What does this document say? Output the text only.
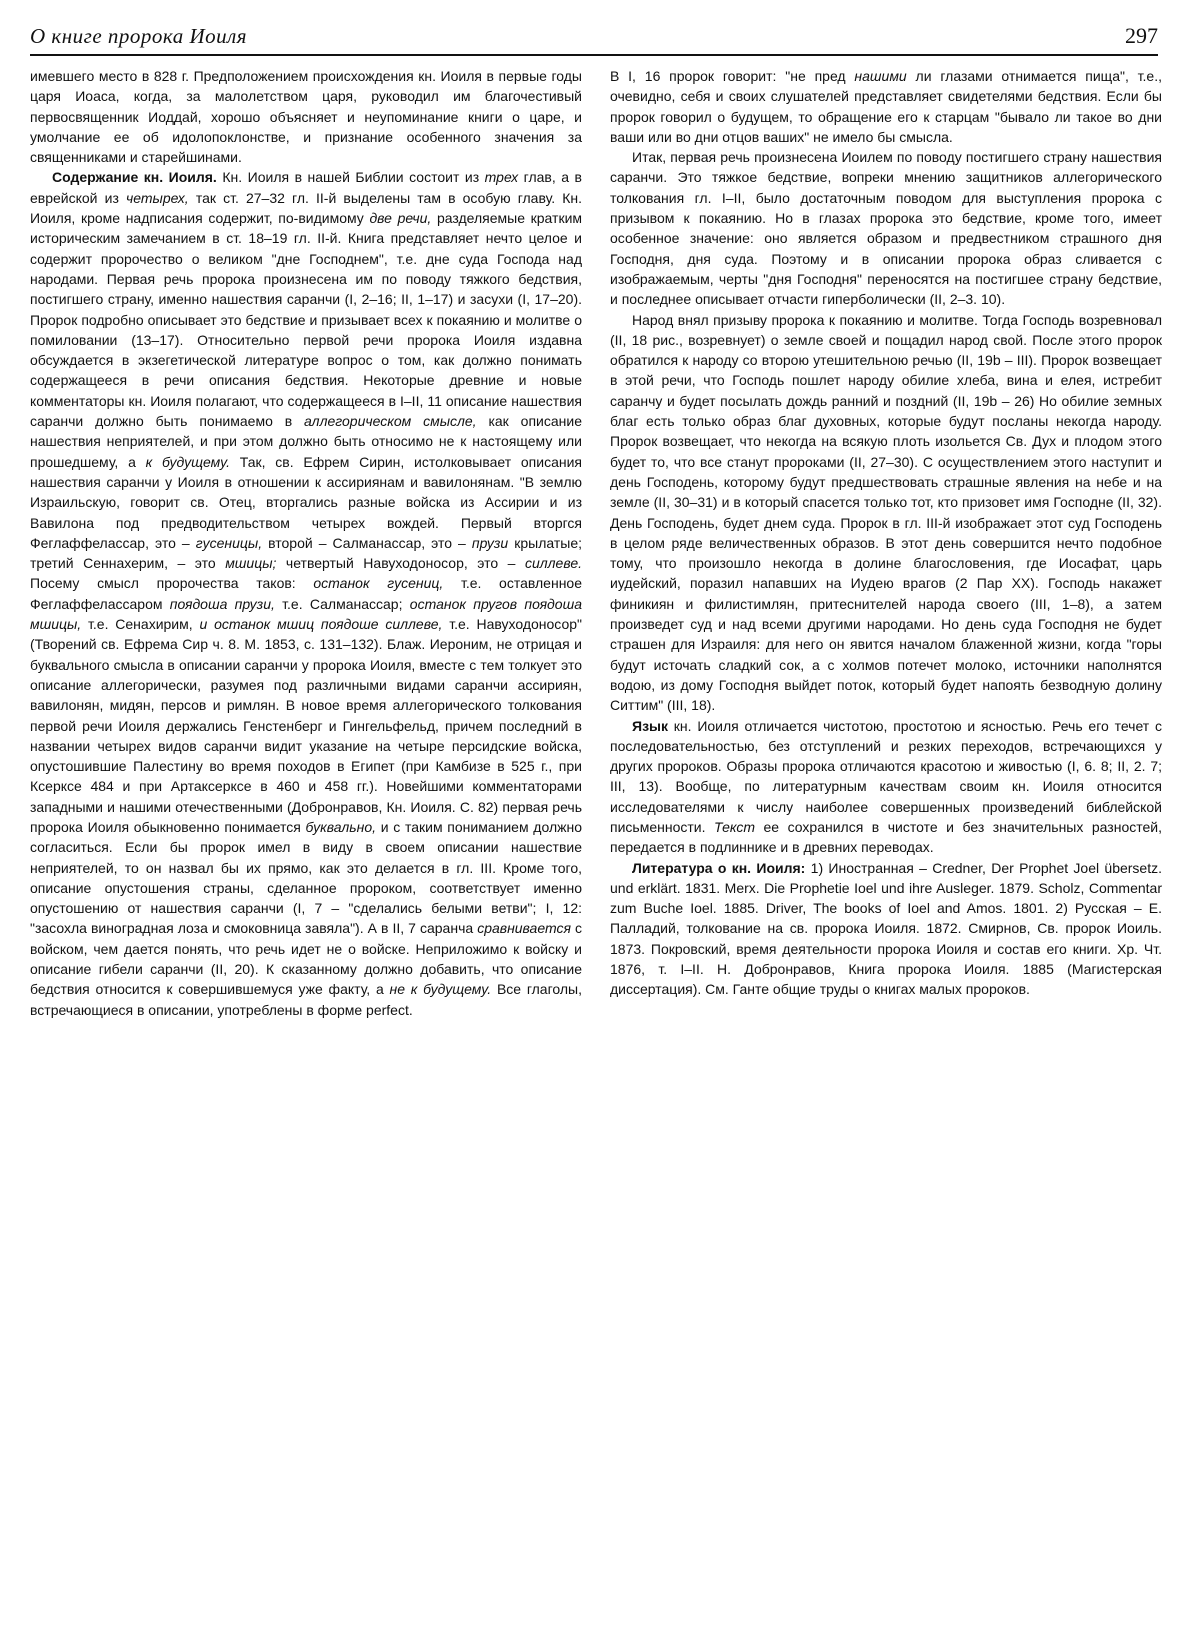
О книге пророка Иоиля	297

имевшего место в 828 г. Предположением происхождения кн. Иоиля в первые годы царя Иоаса, когда, за малолетством царя, руководил им благочестивый первосвященник Иоддай, хорошо объясняет и неупоминание книги о царе, и умолчание ее об идолопоклонстве, и признание особенного значения за священниками и старейшинами.

Содержание кн. Иоиля. Кн. Иоиля в нашей Библии состоит из трех глав, а в еврейской из четырех, так ст. 27–32 гл. II-й выделены там в особую главу. Кн. Иоиля, кроме надписания содержит, по-видимому две речи, разделяемые кратким историческим замечанием в ст. 18–19 гл. II-й. Книга представляет нечто целое и содержит пророчество о великом "дне Господнем", т.е. дне суда Господа над народами. Первая речь пророка произнесена им по поводу тяжкого бедствия, постигшего страну, именно нашествия саранчи (I, 2–16; II, 1–17) и засухи (I, 17–20). Пророк подробно описывает это бедствие и призывает всех к покаянию и молитве о помиловании (13–17). Относительно первой речи пророка Иоиля издавна обсуждается в экзегетической литературе вопрос о том, как должно понимать содержащееся в речи описания бедствия. Некоторые древние и новые комментаторы кн. Иоиля полагают, что содержащееся в I–II, 11 описание нашествия саранчи должно быть понимаемо в аллегорическом смысле, как описание нашествия неприятелей, и при этом должно быть относимо не к настоящему или прошедшему, а к будущему. Так, св. Ефрем Сирин, истолковывает описания нашествия саранчи у Иоиля в отношении к ассириянам и вавилонянам. "В землю Израильскую, говорит св. Отец, вторгались разные войска из Ассирии и из Вавилона под предводительством четырех вождей. Первый вторгся Феглаффелассар, это – гусеницы, второй – Салманассар, это – прузи крылатые; третий Сеннахерим, – это мшицы; четвертый Навуходоносор, это – силлеве. Посему смысл пророчества таков: останок гусениц, т.е. оставленное Феглаффелассаром поядоша прузи, т.е. Салманассар; останок пругов поядоша мшицы, т.е. Сенахирим, и останок мшиц поядоше силлеве, т.е. Навуходоносор" (Творений св. Ефрема Сир ч. 8. М. 1853, с. 131–132). Блаж. Иероним, не отрицая и буквального смысла в описании саранчи у пророка Иоиля, вместе с тем толкует это описание аллегорически, разумея под различными видами саранчи ассириян, вавилонян, мидян, персов и римлян. В новое время аллегорического толкования первой речи Иоиля держались Генстенберг и Гингельфельд, причем последний в названии четырех видов саранчи видит указание на четыре персидские войска, опустошившие Палестину во время походов в Египет (при Камбизе в 525 г., при Ксерксе 484 и при Артаксерксе в 460 и 458 гг.). Новейшими комментаторами западными и нашими отечественными (Добронравов, Кн. Иоиля. С. 82) первая речь пророка Иоиля обыкновенно понимается буквально, и с таким пониманием должно согласиться. Если бы пророк имел в виду в своем описании нашествие неприятелей, то он назвал бы их прямо, как это делается в гл. III. Кроме того, описание опустошения страны, сделанное пророком, соответствует именно опустошению от нашествия саранчи (I, 7 – "сделались белыми ветви"; I, 12: "засохла виноградная лоза и смоковница завяла"). А в II, 7 саранча сравнивается с войском, чем дается понять, что речь идет не о войске. Неприложимо к войску и описание гибели саранчи (II, 20). К сказанному должно добавить, что описание бедствия относится к совершившемуся уже факту, а не к будущему. Все глаголы, встречающиеся в описании, употреблены в форме perfect.

В I, 16 пророк говорит: "не пред нашими ли глазами отнимается пища", т.е., очевидно, себя и своих слушателей представляет свидетелями бедствия. Если бы пророк говорил о будущем, то обращение его к старцам "бывало ли такое во дни ваши или во дни отцов ваших" не имело бы смысла.

Итак, первая речь произнесена Иоилем по поводу постигшего страну нашествия саранчи. Это тяжкое бедствие, вопреки мнению защитников аллегорического толкования гл. I–II, было достаточным поводом для выступления пророка с призывом к покаянию. Но в глазах пророка это бедствие, кроме того, имеет особенное значение: оно является образом и предвестником страшного дня Господня, дня суда. Поэтому и в описании пророка образ сливается с изображаемым, черты "дня Господня" переносятся на постигшее страну бедствие, и последнее описывает отчасти гиперболически (II, 2–3. 10).

Народ внял призыву пророка к покаянию и молитве. Тогда Господь возревновал (II, 18 рис., возревнует) о земле своей и пощадил народ свой. После этого пророк обратился к народу со второю утешительною речью (II, 19b – III). Пророк возвещает в этой речи, что Господь пошлет народу обилие хлеба, вина и елея, истребит саранчу и будет посылать дождь ранний и поздний (II, 19b – 26) Но обилие земных благ есть только образ благ духовных, которые будут посланы некогда народу. Пророк возвещает, что некогда на всякую плоть изольется Св. Дух и плодом этого будет то, что все станут пророками (II, 27–30). С осуществлением этого наступит и день Господень, которому будут предшествовать страшные явления на небе и на земле (II, 30–31) и в который спасется только тот, кто призовет имя Господне (II, 32). День Господень, будет днем суда. Пророк в гл. III-й изображает этот суд Господень в целом ряде величественных образов. В этот день совершится нечто подобное тому, что произошло некогда в долине благословения, где Иосафат, царь иудейский, поразил напавших на Иудею врагов (2 Пар XX). Господь накажет финикиян и филистимлян, притеснителей народа своего (III, 1–8), а затем произведет суд и над всеми другими народами. Но день суда Господня не будет страшен для Израиля: для него он явится началом блаженной жизни, когда "горы будут источать сладкий сок, а с холмов потечет молоко, источники наполнятся водою, из дому Господня выйдет поток, который будет напоять безводную долину Ситтим" (III, 18).

Язык кн. Иоиля отличается чистотою, простотою и ясностью. Речь его течет с последовательностью, без отступлений и резких переходов, встречающихся у других пророков. Образы пророка отличаются красотою и живостью (I, 6. 8; II, 2. 7; III, 13). Вообще, по литературным качествам своим кн. Иоиля относится исследователями к числу наиболее совершенных произведений библейской письменности. Текст ее сохранился в чистоте и без значительных разностей, передается в подлиннике и в древних переводах.

Литература о кн. Иоиля: 1) Иностранная – Credner, Der Prophet Joel übersetz. und erklärt. 1831. Merx. Die Prophetie Ioel und ihre Ausleger. 1879. Scholz, Commentar zum Buche Ioel. 1885. Driver, The books of Ioel and Amos. 1801. 2) Русская – Е. Палладий, толкование на св. пророка Иоиля. 1872. Смирнов, Св. пророк Иоиль. 1873. Покровский, время деятельности пророка Иоиля и состав его книги. Хр. Чт. 1876, т. I–II. Н. Добронравов, Книга пророка Иоиля. 1885 (Магистерская диссертация). См. Ганте общие труды о книгах малых пророков.
